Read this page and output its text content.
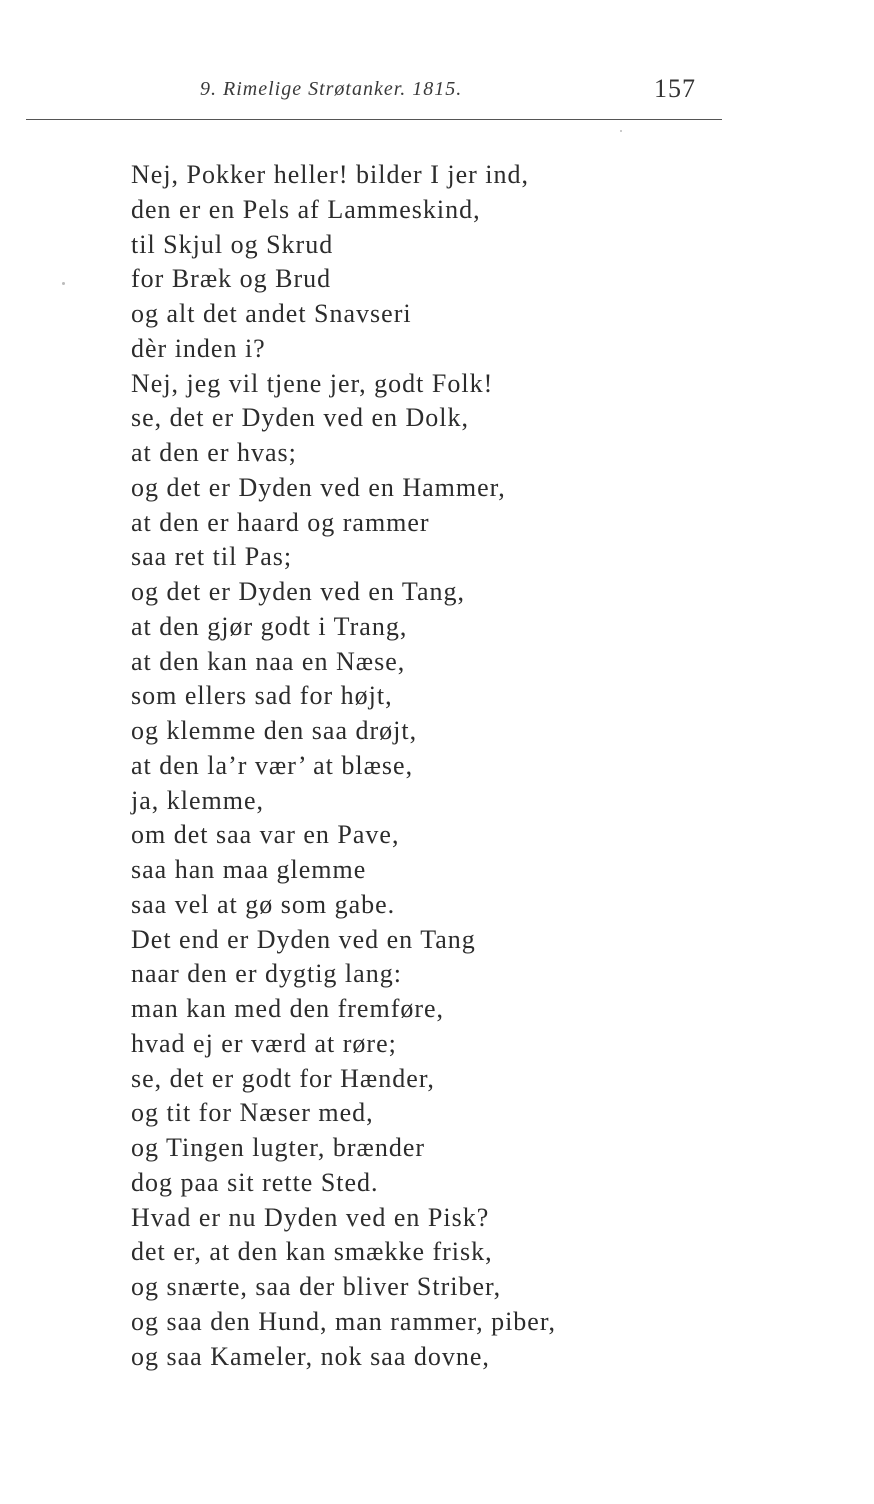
9. Rimelige Strøtanker. 1815.	157
Nej, Pokker heller! bilder I jer ind,
den er en Pels af Lammeskind,
til Skjul og Skrud
for Bræk og Brud
og alt det andet Snavseri
dèr inden i?
Nej, jeg vil tjene jer, godt Folk!
se, det er Dyden ved en Dolk,
at den er hvas;
og det er Dyden ved en Hammer,
at den er haard og rammer
saa ret til Pas;
og det er Dyden ved en Tang,
at den gjør godt i Trang,
at den kan naa en Næse,
som ellers sad for højt,
og klemme den saa drøjt,
at den la’r vær’ at blæse,
ja, klemme,
om det saa var en Pave,
saa han maa glemme
saa vel at gø som gabe.
Det end er Dyden ved en Tang
naar den er dygtig lang:
man kan med den fremføre,
hvad ej er værd at røre;
se, det er godt for Hænder,
og tit for Næser med,
og Tingen lugter, brænder
dog paa sit rette Sted.
Hvad er nu Dyden ved en Pisk?
det er, at den kan smække frisk,
og snærte, saa der bliver Striber,
og saa den Hund, man rammer, piber,
og saa Kameler, nok saa dovne,
